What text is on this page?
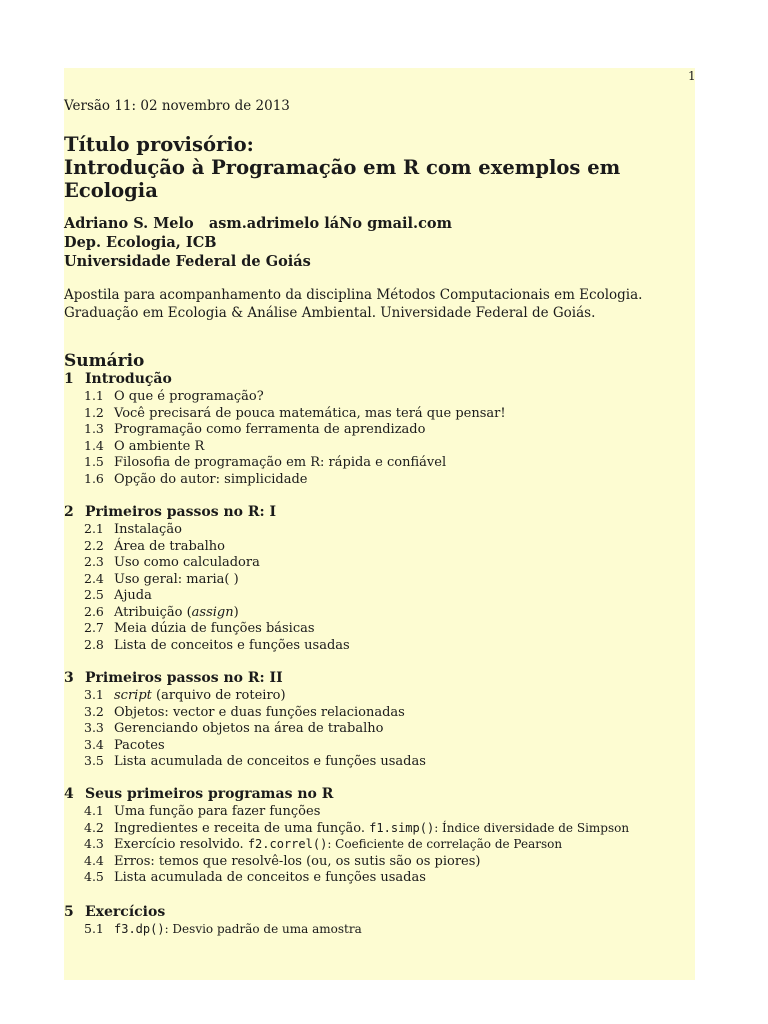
1
Versão 11: 02 novembro de 2013
Título provisório:
Introdução à Programação em R com exemplos em
Ecologia
Adriano S. Melo   asm.adrimelo láNo gmail.com
Dep. Ecologia, ICB
Universidade Federal de Goiás
Apostila para acompanhamento da disciplina Métodos Computacionais em Ecologia.
Graduação em Ecologia & Análise Ambiental. Universidade Federal de Goiás.
Sumário
1 Introdução
1.1 O que é programação?
1.2 Você precisará de pouca matemática, mas terá que pensar!
1.3 Programação como ferramenta de aprendizado
1.4 O ambiente R
1.5 Filosofia de programação em R: rápida e confiável
1.6 Opção do autor: simplicidade
2 Primeiros passos no R: I
2.1 Instalação
2.2 Área de trabalho
2.3 Uso como calculadora
2.4 Uso geral: maria( )
2.5 Ajuda
2.6 Atribuição (assign)
2.7 Meia dúzia de funções básicas
2.8 Lista de conceitos e funções usadas
3 Primeiros passos no R: II
3.1 script (arquivo de roteiro)
3.2 Objetos: vector e duas funções relacionadas
3.3 Gerenciando objetos na área de trabalho
3.4 Pacotes
3.5 Lista acumulada de conceitos e funções usadas
4 Seus primeiros programas no R
4.1 Uma função para fazer funções
4.2 Ingredientes e receita de uma função. f1.simp(): Índice diversidade de Simpson
4.3 Exercício resolvido. f2.correl(): Coeficiente de correlação de Pearson
4.4 Erros: temos que resolvê-los (ou, os sutis são os piores)
4.5 Lista acumulada de conceitos e funções usadas
5 Exercícios
5.1 f3.dp(): Desvio padrão de uma amostra
